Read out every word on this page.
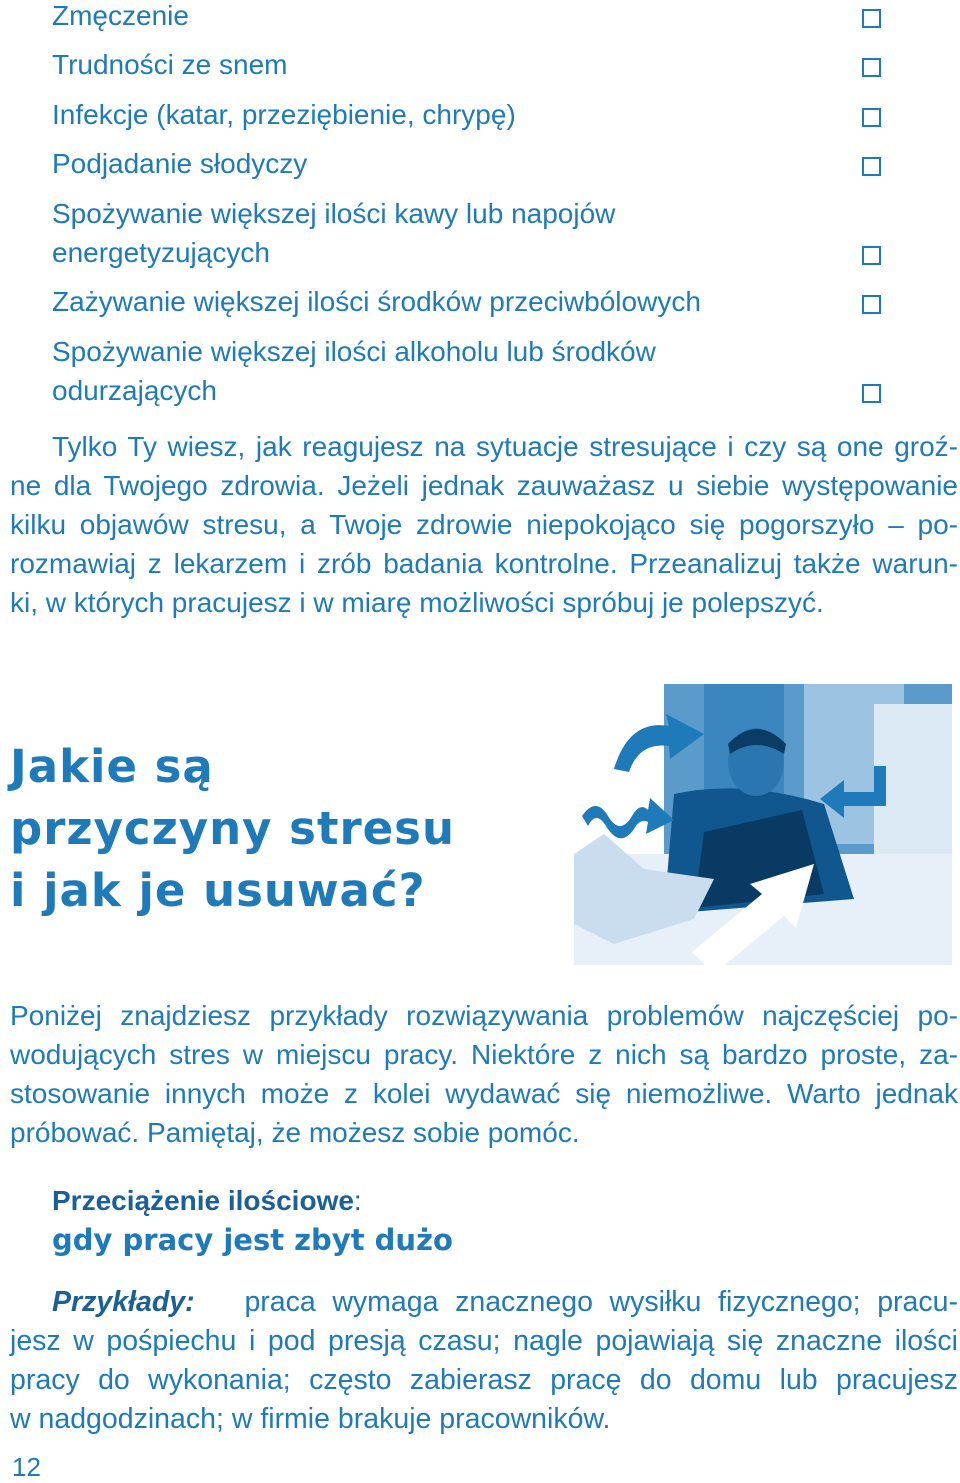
Zmęczenie
Trudności ze snem
Infekcje (katar, przeziębienie, chrypę)
Podjadanie słodyczy
Spożywanie większej ilości kawy lub napojów
energetyzujących
Zażywanie większej ilości środków przeciwbólowych
Spożywanie większej ilości alkoholu lub środków
odurzających
Tylko Ty wiesz, jak reagujesz na sytuacje stresujące i czy są one groź-
ne dla Twojego zdrowia. Jeżeli jednak zauważasz u siebie występowanie
kilku objawów stresu, a Twoje zdrowie niepokojąco się pogorszyło – po-
rozmawiaj z lekarzem i zrób badania kontrolne. Przeanalizuj także warun-
ki, w których pracujesz i w miarę możliwości spróbuj je polepszyć.
Jakie są
przyczyny stresu
i jak je usuwać?
Poniżej znajdziesz przykłady rozwiązywania problemów najczęściej po-
wodujących stres w miejscu pracy. Niektóre z nich są bardzo proste, za-
stosowanie innych może z kolei wydawać się niemożliwe. Warto jednak
próbować. Pamiętaj, że możesz sobie pomóc.
Przeciążenie ilościowe:
gdy pracy jest zbyt dużo
Przykłady: praca wymaga znacznego wysiłku fizycznego; pracu-
jesz w pośpiechu i pod presją czasu; nagle pojawiają się znaczne ilości
pracy do wykonania; często zabierasz pracę do domu lub pracujesz
w nadgodzinach; w firmie brakuje pracowników.
12
